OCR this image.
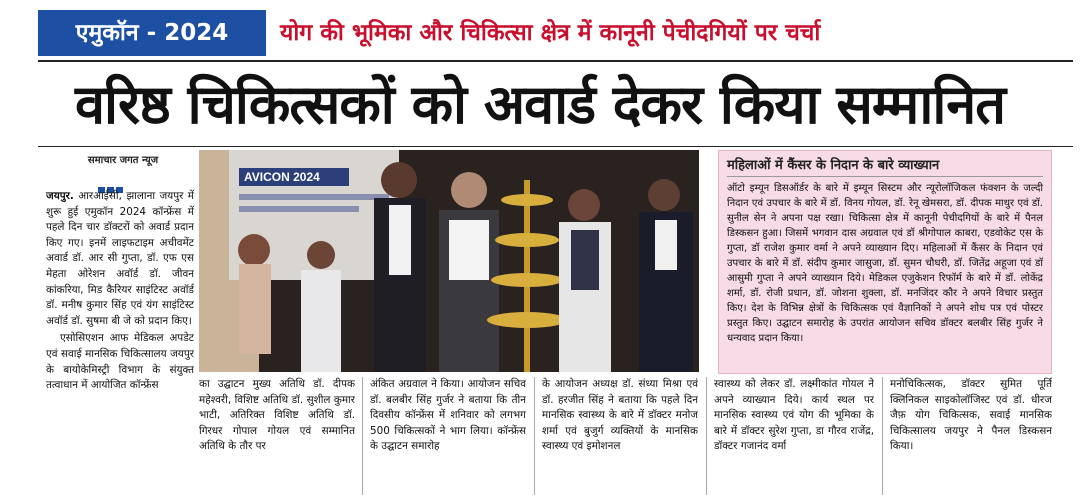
एमुकॉन - 2024	योग की भूमिका और चिकित्सा क्षेत्र में कानूनी पेचीदगियों पर चर्चा
वरिष्ठ चिकित्सकों को अवार्ड देकर किया सम्मानित
समाचार जगत न्यूज

जयपुर. आरआईसी, झालाना जयपुर में शुरू हुई एमुकॉन 2024 कॉन्फ्रेंस में पहले दिन चार डॉक्टरों को अवार्ड प्रदान किए गए। इनमें लाइफटाइम अचीवमेंट अवार्ड डॉ. आर सी गुप्ता, डॉ. एफ एस मेहता ओरेशन अवॉर्ड डॉ. जीवन कांकरिया, मिड कैरियर साइंटिस्ट अवॉर्ड डॉ. मनीष कुमार सिंह एवं यंग साइंटिस्ट अवॉर्ड डॉ. सुषमा बी जे को प्रदान किए।

एसोसिएशन आफ मेडिकल अपडेट एवं सवाई मानसिक चिकित्सालय जयपुर के बायोकेमिस्ट्री विभाग के संयुक्त तत्वाधान में आयोजित कॉन्फ्रेंस

AVICON 2024
महिलाओं में कैंसर के निदान के बारे व्याख्यान
ऑटो इम्यून डिसऑर्डर के बारे में इम्यून सिस्टम और न्यूरोलॉजिकल फंक्शन के जल्दी निदान एवं उपचार के बारे में डॉ. विनय गोयल, डॉ. रेनू खेमसरा, डॉ. दीपक माथुर एवं डॉ. सुनील सेन ने अपना पक्ष रखा। चिकित्सा क्षेत्र में कानूनी पेचीदगियों के बारे में पैनल डिस्कसन हुआ। जिसमें भगवान दास अग्रवाल एवं डॉ श्रीगोपाल काबरा, एडवोकेट एस के गुप्ता, डॉ राजेश कुमार वर्मा ने अपने व्याख्यान दिए। महिलाओं में कैंसर के निदान एवं उपचार के बारे में डॉ. संदीप कुमार जासुजा, डॉ. सुमन चौधरी, डॉ. जितेंद्र अहूजा एवं डॉ आसुमी गुप्ता ने अपने व्याख्यान दिये। मेडिकल एजुकेशन रिफॉर्म के बारे में डॉ. लोकेंद्र शर्मा, डॉ. रोजी प्रधान, डॉ. जोशना शुक्ला, डॉ. मनजिंदर कौर ने अपने विचार प्रस्तुत किए। देश के विभिन्न क्षेत्रों के चिकित्सक एवं वैज्ञानिकों ने अपने शोध पत्र एवं पोस्टर प्रस्तुत किए। उद्घाटन समारोह के उपरांत आयोजन सचिव डॉक्टर बलबीर सिंह गुर्जर ने धन्यवाद प्रदान किया।

का उद्घाटन मुख्य अतिथि डॉ. दीपक महेश्वरी, विशिष्ट अतिथि डॉ. सुशील कुमार भाटी, अतिरिक्त विशिष्ट अतिथि डॉ. गिरधर गोपाल गोयल एवं सम्मानित अतिथि के तौर पर

अंकित अग्रवाल ने किया। आयोजन सचिव डॉ. बलबीर सिंह गुर्जर ने बताया कि तीन दिवसीय कॉन्फ्रेंस में शनिवार को लगभग 500 चिकित्सकों ने भाग लिया। कॉन्फ्रेंस के उद्घाटन समारोह

के आयोजन अध्यक्ष डॉ. संध्या मिश्रा एवं डॉ. हरजीत सिंह ने बताया कि पहले दिन मानसिक स्वास्थ्य के बारे में डॉक्टर मनोज शर्मा एवं बुजुर्ग व्यक्तियों के मानसिक स्वास्थ्य एवं इमोशनल

स्वास्थ्य को लेकर डॉ. लक्ष्मीकांत गोयल ने अपने व्याख्यान दिये। कार्य स्थल पर मानसिक स्वास्थ्य एवं योग की भूमिका के बारे में डॉक्टर सुरेश गुप्ता, डा गौरव राजेंद्र, डॉक्टर गजानंद वर्मा

मनोचिकित्सक, डॉक्टर सुमित पूर्ति क्लिनिकल साइकोलॉजिस्ट एवं डॉ. धीरज जैफ़ योग चिकित्सक, सवाई मानसिक चिकित्सालय जयपुर ने पैनल डिस्कसन किया।
